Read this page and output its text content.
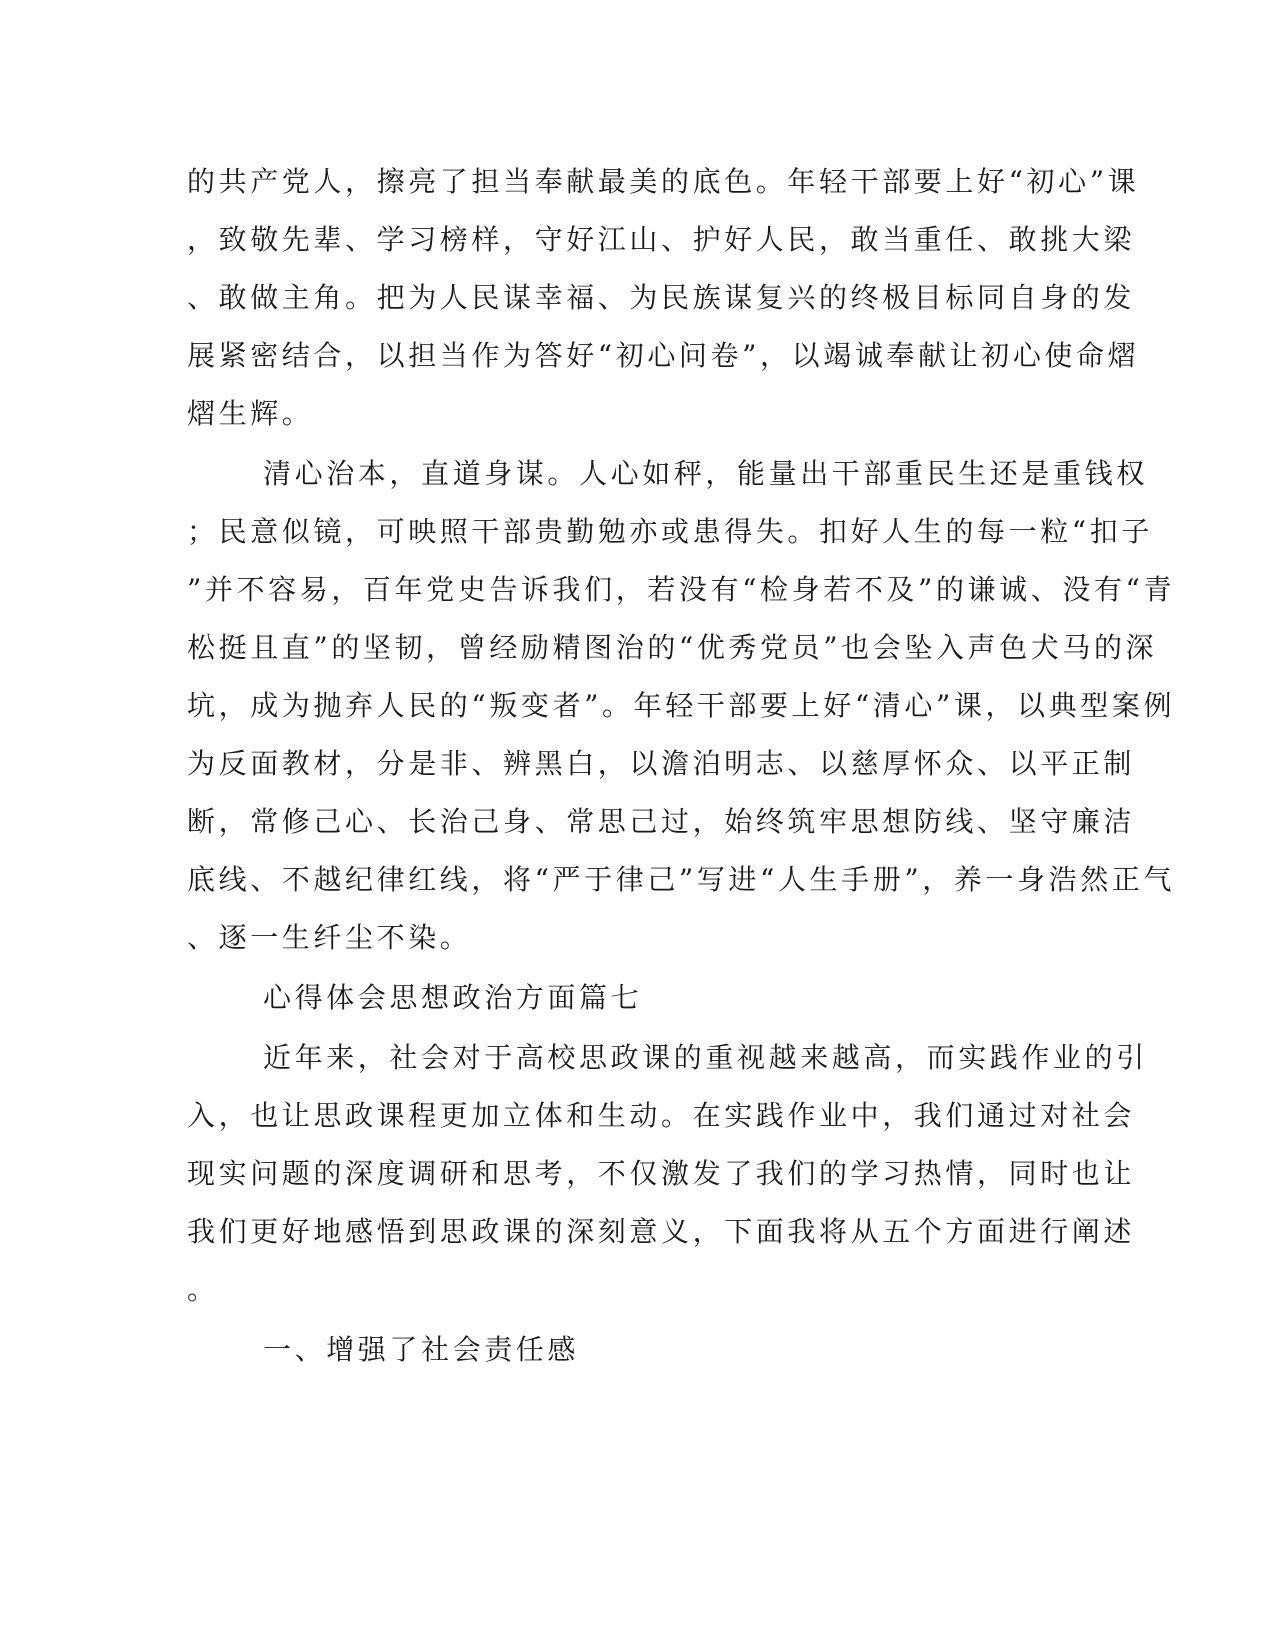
的共产党人，擦亮了担当奉献最美的底色。年轻干部要上好“初心”课
，致敬先辈、学习榜样，守好江山、护好人民，敢当重任、敢挑大梁
、敢做主角。把为人民谋幸福、为民族谋复兴的终极目标同自身的发
展紧密结合，以担当作为答好“初心问卷”，以竭诚奉献让初心使命熠
熠生辉。
清心治本，直道身谋。人心如秤，能量出干部重民生还是重钱权
；民意似镜，可映照干部贵勤勉亦或患得失。扣好人生的每一粒“扣子
”并不容易，百年党史告诉我们，若没有“检身若不及”的谦诚、没有“青
松挺且直”的坚韧，曾经励精图治的“优秀党员”也会坠入声色犬马的深
坑，成为抛弃人民的“叛变者”。年轻干部要上好“清心”课，以典型案例
为反面教材，分是非、辨黑白，以澹泊明志、以慈厚怀众、以平正制
断，常修己心、长治己身、常思己过，始终筑牢思想防线、坚守廉洁
底线、不越纪律红线，将“严于律己”写进“人生手册”，养一身浩然正气
、逐一生纤尘不染。
心得体会思想政治方面篇七
近年来，社会对于高校思政课的重视越来越高，而实践作业的引
入，也让思政课程更加立体和生动。在实践作业中，我们通过对社会
现实问题的深度调研和思考，不仅激发了我们的学习热情，同时也让
我们更好地感悟到思政课的深刻意义，下面我将从五个方面进行阐述
。
一、增强了社会责任感
